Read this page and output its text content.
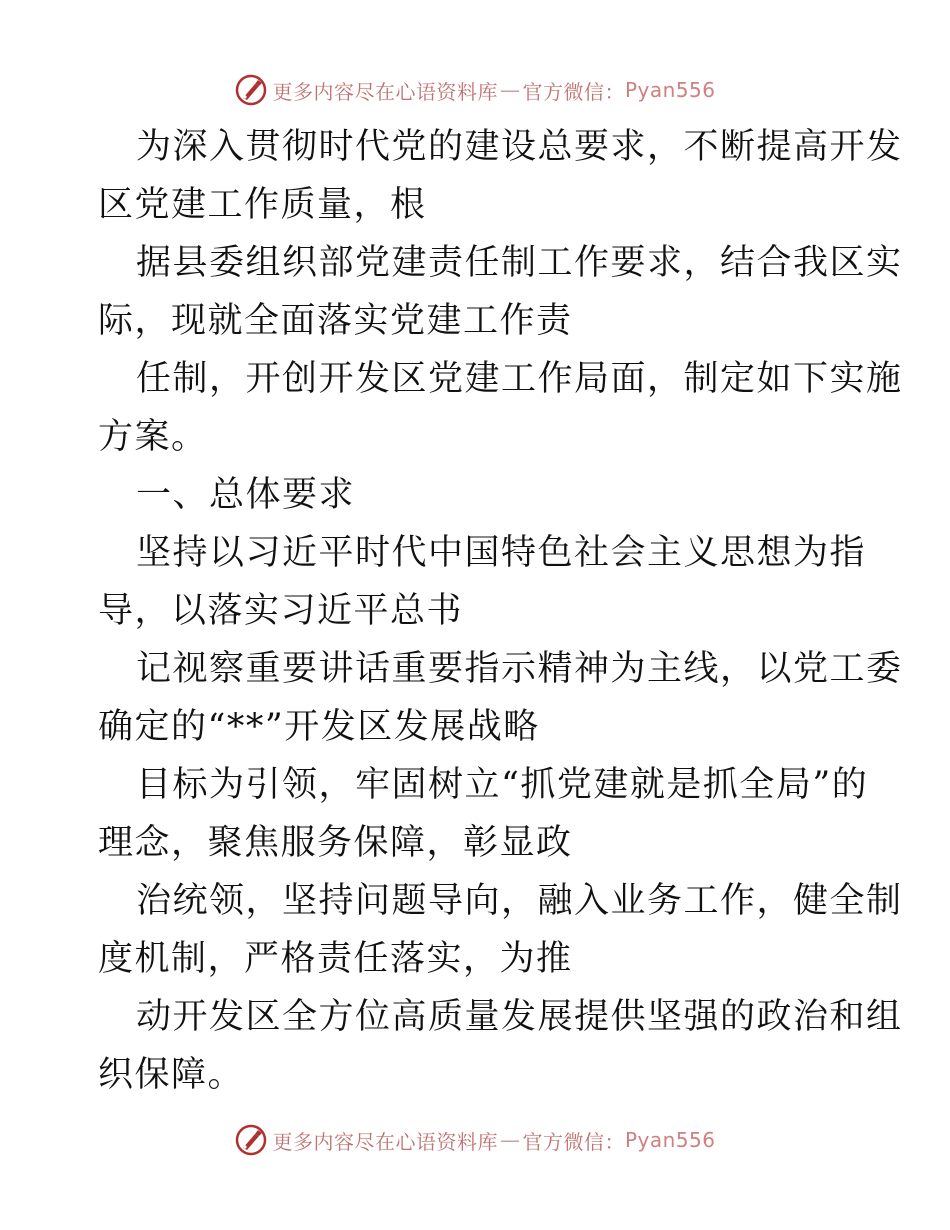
更多内容尽在心语资料库 — 官方微信： Pyan556
为深入贯彻时代党的建设总要求，不断提高开发
区党建工作质量，根
据县委组织部党建责任制工作要求，结合我区实
际，现就全面落实党建工作责
任制，开创开发区党建工作局面，制定如下实施
方案。
一、总体要求
坚持以习近平时代中国特色社会主义思想为指
导，以落实习近平总书
记视察重要讲话重要指示精神为主线，以党工委
确定的“**”开发区发展战略
目标为引领，牢固树立“抓党建就是抓全局”的
理念，聚焦服务保障，彰显政
治统领，坚持问题导向，融入业务工作，健全制
度机制，严格责任落实，为推
动开发区全方位高质量发展提供坚强的政治和组
织保障。
更多内容尽在心语资料库 — 官方微信： Pyan556
